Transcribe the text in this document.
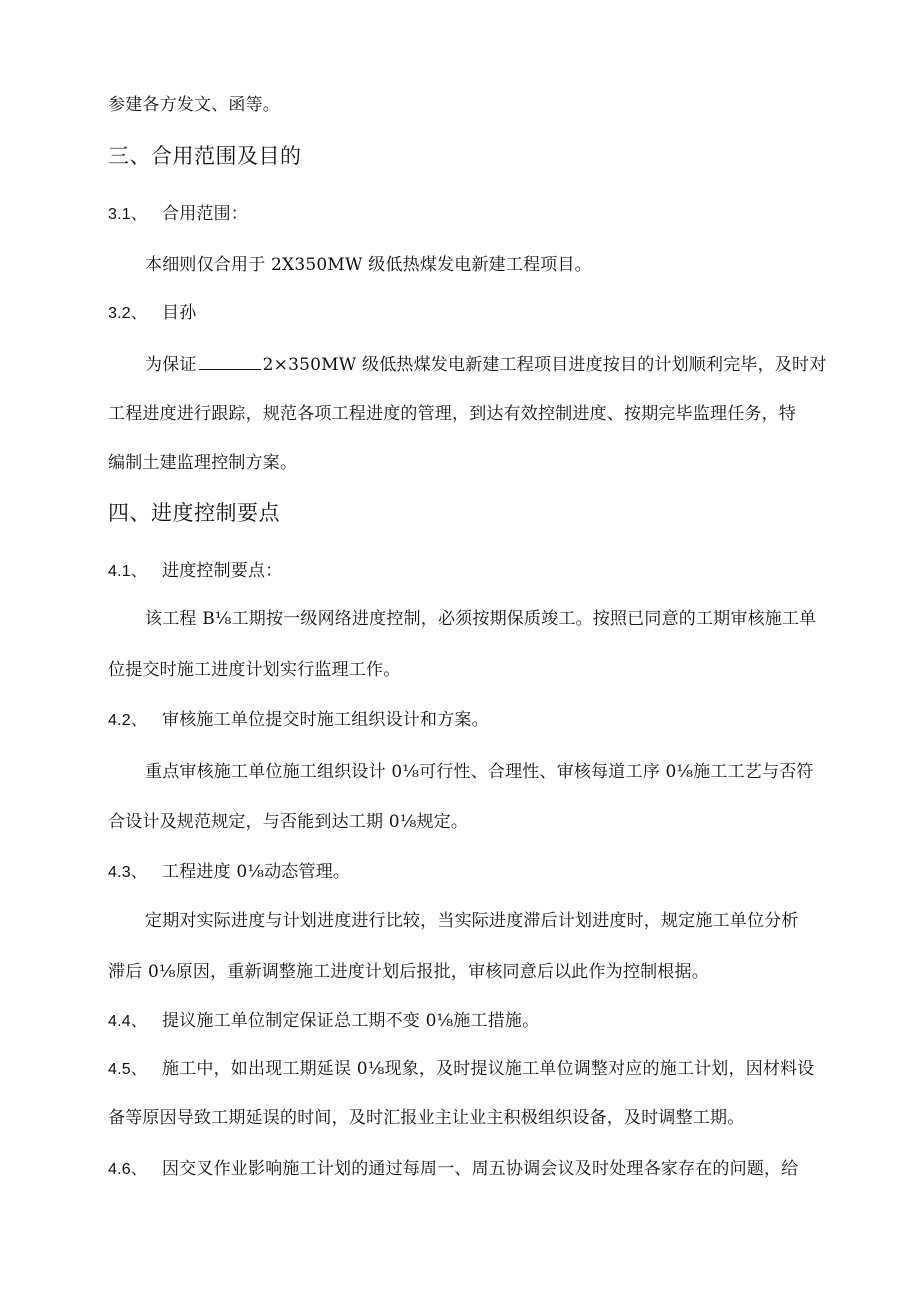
参建各方发文、函等。
三、合用范围及目的
3.1、 合用范围：
本细则仅合用于 2X350MW 级低热煤发电新建工程项目。
3.2、 目孙
为保证	2×350MW 级低热煤发电新建工程项目进度按目的计划顺利完毕，及时对
工程进度进行跟踪，规范各项工程进度的管理，到达有效控制进度、按期完毕监理任务，特
编制土建监理控制方案。
四、进度控制要点
4.1、 进度控制要点：
该工程 B⅛工期按一级网络进度控制，必须按期保质竣工。按照已同意的工期审核施工单
位提交时施工进度计划实行监理工作。
4.2、 审核施工单位提交时施工组织设计和方案。
重点审核施工单位施工组织设计 0⅛可行性、合理性、审核每道工序 0⅛施工工艺与否符
合设计及规范规定，与否能到达工期 0⅛规定。
4.3、 工程进度 0⅛动态管理。
定期对实际进度与计划进度进行比较，当实际进度滞后计划进度时，规定施工单位分析
滞后 0⅛原因，重新调整施工进度计划后报批，审核同意后以此作为控制根据。
4.4、 提议施工单位制定保证总工期不变 0⅛施工措施。
4.5、 施工中，如出现工期延误 0⅛现象，及时提议施工单位调整对应的施工计划，因材料设
备等原因导致工期延误的时间，及时汇报业主让业主积极组织设备，及时调整工期。
4.6、 因交叉作业影响施工计划的通过每周一、周五协调会议及时处理各家存在的问题，给
